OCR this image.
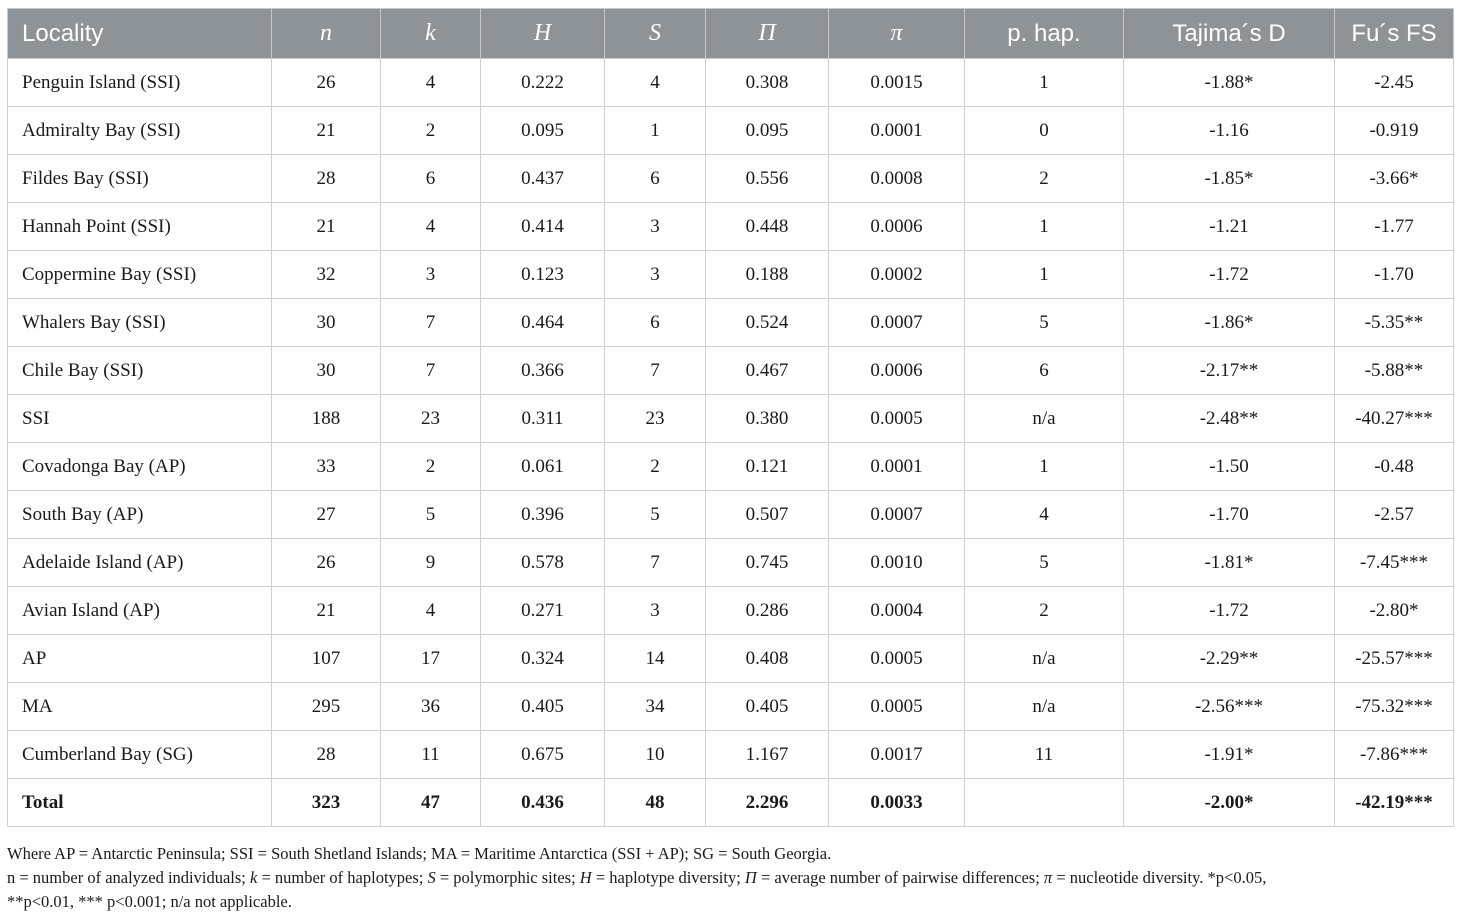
Locality	n	k	H	S	Π	π	p. hap.	Tajima´s D	Fu´s FS
Penguin Island (SSI)	26	4	0.222	4	0.308	0.0015	1	-1.88*	-2.45
Admiralty Bay (SSI)	21	2	0.095	1	0.095	0.0001	0	-1.16	-0.919
Fildes Bay (SSI)	28	6	0.437	6	0.556	0.0008	2	-1.85*	-3.66*
Hannah Point (SSI)	21	4	0.414	3	0.448	0.0006	1	-1.21	-1.77
Coppermine Bay (SSI)	32	3	0.123	3	0.188	0.0002	1	-1.72	-1.70
Whalers Bay (SSI)	30	7	0.464	6	0.524	0.0007	5	-1.86*	-5.35**
Chile Bay (SSI)	30	7	0.366	7	0.467	0.0006	6	-2.17**	-5.88**
SSI	188	23	0.311	23	0.380	0.0005	n/a	-2.48**	-40.27***
Covadonga Bay (AP)	33	2	0.061	2	0.121	0.0001	1	-1.50	-0.48
South Bay (AP)	27	5	0.396	5	0.507	0.0007	4	-1.70	-2.57
Adelaide Island (AP)	26	9	0.578	7	0.745	0.0010	5	-1.81*	-7.45***
Avian Island (AP)	21	4	0.271	3	0.286	0.0004	2	-1.72	-2.80*
AP	107	17	0.324	14	0.408	0.0005	n/a	-2.29**	-25.57***
MA	295	36	0.405	34	0.405	0.0005	n/a	-2.56***	-75.32***
Cumberland Bay (SG)	28	11	0.675	10	1.167	0.0017	11	-1.91*	-7.86***
Total	323	47	0.436	48	2.296	0.0033		-2.00*	-42.19***

Where AP = Antarctic Peninsula; SSI = South Shetland Islands; MA = Maritime Antarctica (SSI + AP); SG = South Georgia.

n = number of analyzed individuals; k = number of haplotypes; S = polymorphic sites; H = haplotype diversity; Π = average number of pairwise differences; π = nucleotide diversity. *p<0.05,

**p<0.01, *** p<0.001; n/a not applicable.
